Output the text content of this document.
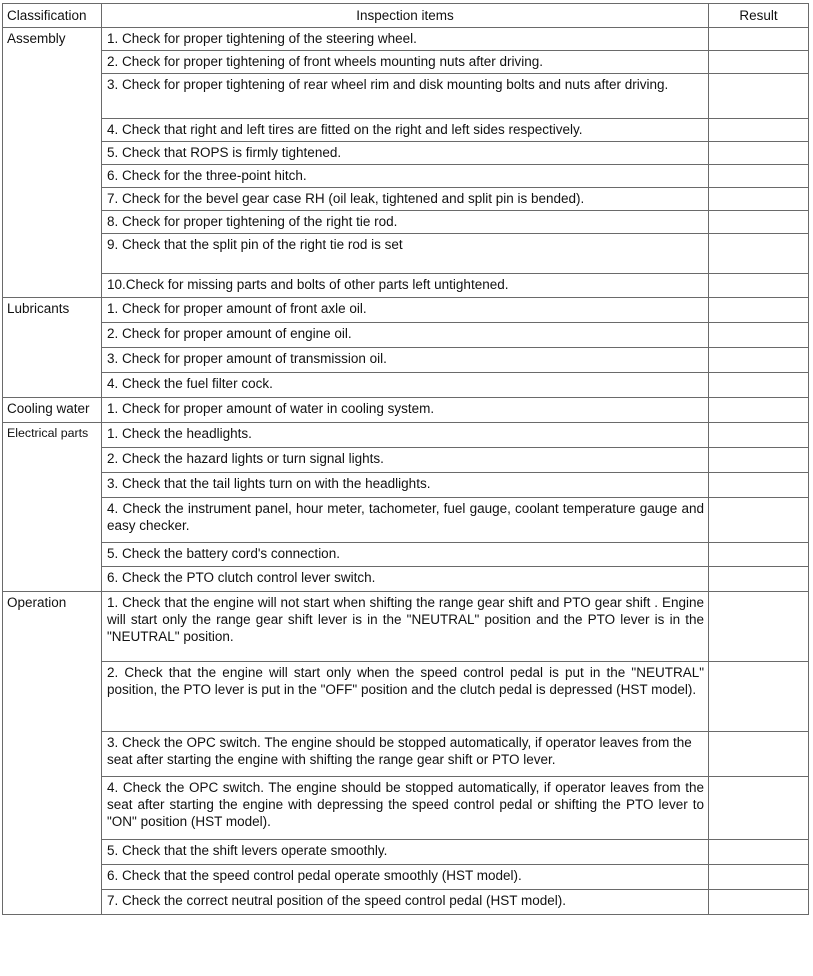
Classification	Inspection items	Result
Assembly	1. Check for proper tightening of the steering wheel.	
	2. Check for proper tightening of front wheels mounting nuts after driving.	
	3. Check for proper tightening of rear wheel rim and disk mounting bolts and nuts after driving.	
	4. Check that right and left tires are fitted on the right and left sides respectively.	
	5. Check that ROPS is firmly tightened.	
	6. Check for the three-point hitch.	
	7. Check for the bevel gear case RH (oil leak, tightened and split pin is bended).	
	8. Check for proper tightening of the right tie rod.	
	9. Check that the split pin of the right tie rod is set	
	10.Check for missing parts and bolts of other parts left untightened.	
Lubricants	1. Check for proper amount of front axle oil.	
	2. Check for proper amount of engine oil.	
	3. Check for proper amount of transmission oil.	
	4. Check the fuel filter cock.	
Cooling water	1. Check for proper amount of water in cooling system.	
Electrical parts	1. Check the headlights.	
	2. Check the hazard lights or turn signal lights.	
	3. Check that the tail lights turn on with the headlights.	
	4. Check the instrument panel, hour meter, tachometer, fuel gauge, coolant temperature gauge and easy checker.	
	5. Check the battery cord's connection.	
	6. Check the PTO clutch control lever switch.	
Operation	1. Check that the engine will not start when shifting the range gear shift and PTO gear shift . Engine will start only the range gear shift lever is in the "NEUTRAL" position and the PTO lever is in the "NEUTRAL" position.	
	2. Check that the engine will start only when the speed control pedal is put in the "NEUTRAL" position, the PTO lever is put in the "OFF" position and the clutch pedal is depressed (HST model).	
	3. Check the OPC switch. The engine should be stopped automatically, if operator leaves from the seat after starting the engine with shifting the range gear shift or PTO lever.	
	4. Check the OPC switch. The engine should be stopped automatically, if operator leaves from the seat after starting the engine with depressing the speed control pedal or shifting the PTO lever to "ON" position (HST model).	
	5. Check that the shift levers operate smoothly.	
	6. Check that the speed control pedal operate smoothly (HST model).	
	7. Check the correct neutral position of the speed control pedal (HST model).	
